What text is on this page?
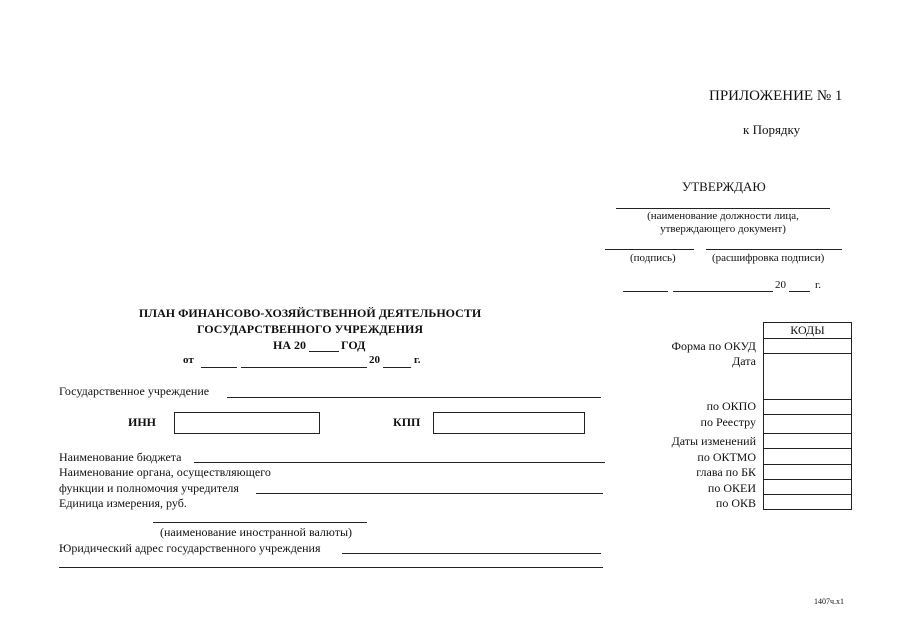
ПРИЛОЖЕНИЕ № 1
к Порядку
УТВЕРЖДАЮ
(наименование должности лица,
утверждающего документ)
(подпись)	(расшифровка подписи)
20	г.
ПЛАН ФИНАНСОВО-ХОЗЯЙСТВЕННОЙ ДЕЯТЕЛЬНОСТИ
ГОСУДАРСТВЕННОГО УЧРЕЖДЕНИЯ
НА 20	ГОД
от	20	г.
Государственное учреждение
ИНН	КПП
Наименование бюджета
Наименование органа, осуществляющего
функции и полномочия учредителя
Единица измерения, руб.
(наименование иностранной валюты)
Юридический адрес государственного учреждения
Форма по ОКУД
Дата
по ОКПО
по Реестру
Даты изменений
по ОКТМО
глава по БК
по ОКЕИ
по ОКВ
КОДЫ
1407ч.х1
